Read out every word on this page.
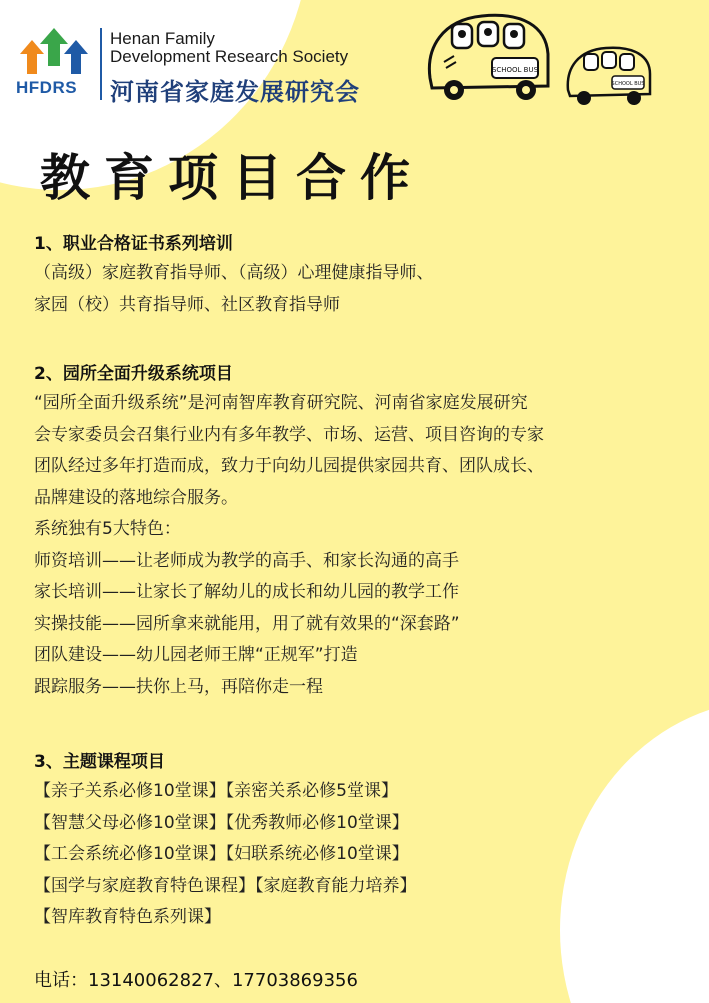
HFDRS
Henan Family
Development Research Society
河南省家庭发展研究会
SCHOOL BUS
SCHOOL BUS
教育项目合作
1、职业合格证书系列培训
（高级）家庭教育指导师、（高级）心理健康指导师、
家园（校）共育指导师、社区教育指导师
2、园所全面升级系统项目
“园所全面升级系统”是河南智库教育研究院、河南省家庭发展研究
会专家委员会召集行业内有多年教学、市场、运营、项目咨询的专家
团队经过多年打造而成，致力于向幼儿园提供家园共育、团队成长、
品牌建设的落地综合服务。
系统独有5大特色：
师资培训——让老师成为教学的高手、和家长沟通的高手
家长培训——让家长了解幼儿的成长和幼儿园的教学工作
实操技能——园所拿来就能用，用了就有效果的“深套路”
团队建设——幼儿园老师王牌“正规军”打造
跟踪服务——扶你上马，再陪你走一程
3、主题课程项目
【亲子关系必修10堂课】【亲密关系必修5堂课】
【智慧父母必修10堂课】【优秀教师必修10堂课】
【工会系统必修10堂课】【妇联系统必修10堂课】
【国学与家庭教育特色课程】【家庭教育能力培养】
【智库教育特色系列课】
电话：13140062827、17703869356
